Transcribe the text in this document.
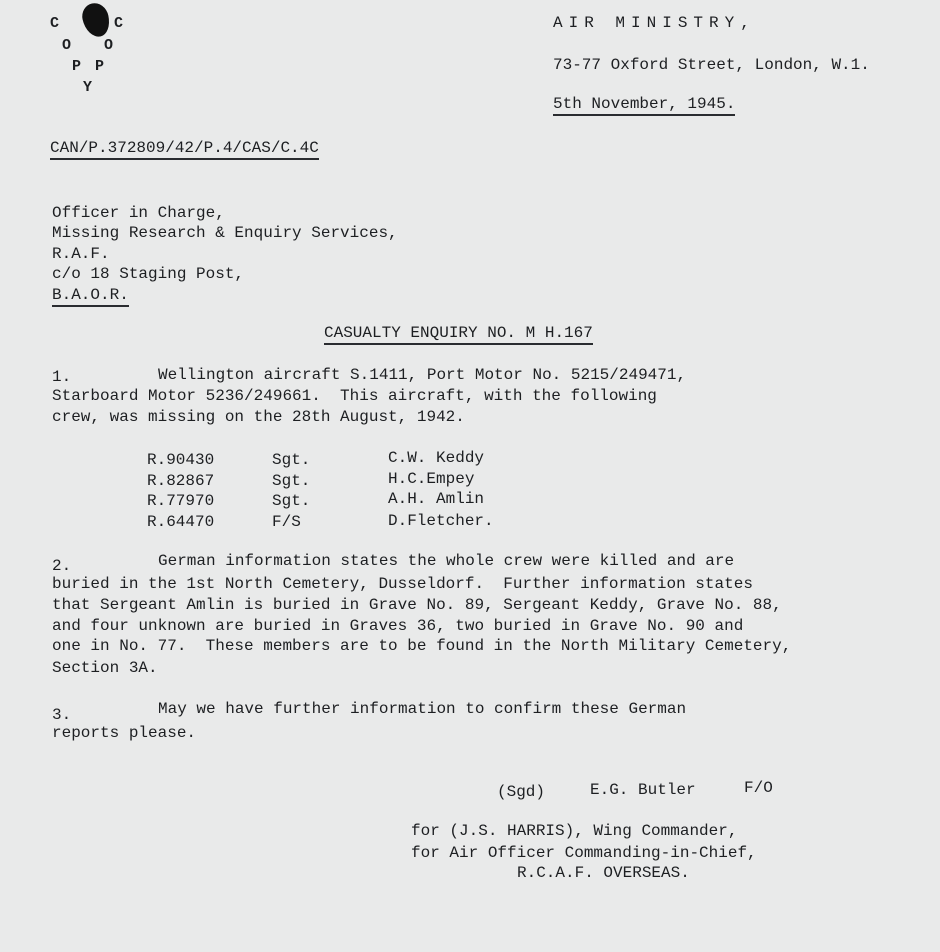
C	C
O O
P P
Y
AIR MINISTRY,
73-77 Oxford Street, London, W.1.
5th November, 1945.
CAN/P.372809/42/P.4/CAS/C.4C
Officer in Charge,
Missing Research & Enquiry Services,
R.A.F.
c/o 18 Staging Post,
B.A.O.R.
CASUALTY ENQUIRY NO. M H.167
1.	Wellington aircraft S.1411, Port Motor No. 5215/249471,
Starboard Motor 5236/249661.  This aircraft, with the following
crew, was missing on the 28th August, 1942.
R.90430	Sgt.	C.W. Keddy
R.82867	Sgt.	H.C.Empey
R.77970	Sgt.	A.H. Amlin
R.64470	F/S	D.Fletcher.
2.	German information states the whole crew were killed and are
buried in the 1st North Cemetery, Dusseldorf.  Further information states
that Sergeant Amlin is buried in Grave No. 89, Sergeant Keddy, Grave No. 88,
and four unknown are buried in Graves 36, two buried in Grave No. 90 and
one in No. 77.  These members are to be found in the North Military Cemetery,
Section 3A.
3.	May we have further information to confirm these German
reports please.
(Sgd)	E.G. Butler	F/O
for (J.S. HARRIS), Wing Commander,
for Air Officer Commanding-in-Chief,
R.C.A.F. OVERSEAS.
